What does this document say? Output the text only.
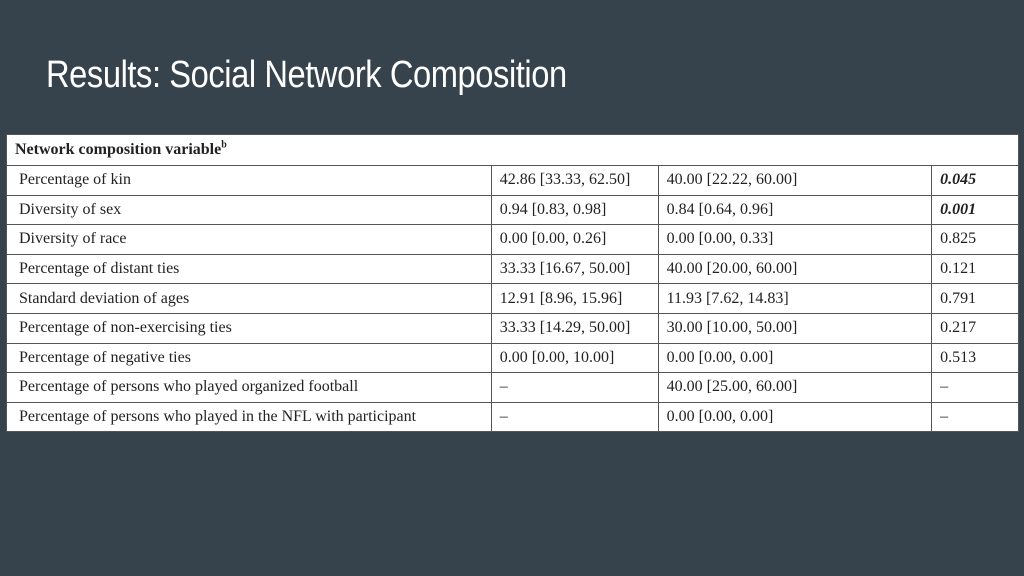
Results: Social Network Composition
Network composition variable$^b$
Percentage of kin	42.86 [33.33, 62.50]	40.00 [22.22, 60.00]	0.045
Diversity of sex	0.94 [0.83, 0.98]	0.84 [0.64, 0.96]	0.001
Diversity of race	0.00 [0.00, 0.26]	0.00 [0.00, 0.33]	0.825
Percentage of distant ties	33.33 [16.67, 50.00]	40.00 [20.00, 60.00]	0.121
Standard deviation of ages	12.91 [8.96, 15.96]	11.93 [7.62, 14.83]	0.791
Percentage of non-exercising ties	33.33 [14.29, 50.00]	30.00 [10.00, 50.00]	0.217
Percentage of negative ties	0.00 [0.00, 10.00]	0.00 [0.00, 0.00]	0.513
Percentage of persons who played organized football	–	40.00 [25.00, 60.00]	–
Percentage of persons who played in the NFL with participant	–	0.00 [0.00, 0.00]	–
